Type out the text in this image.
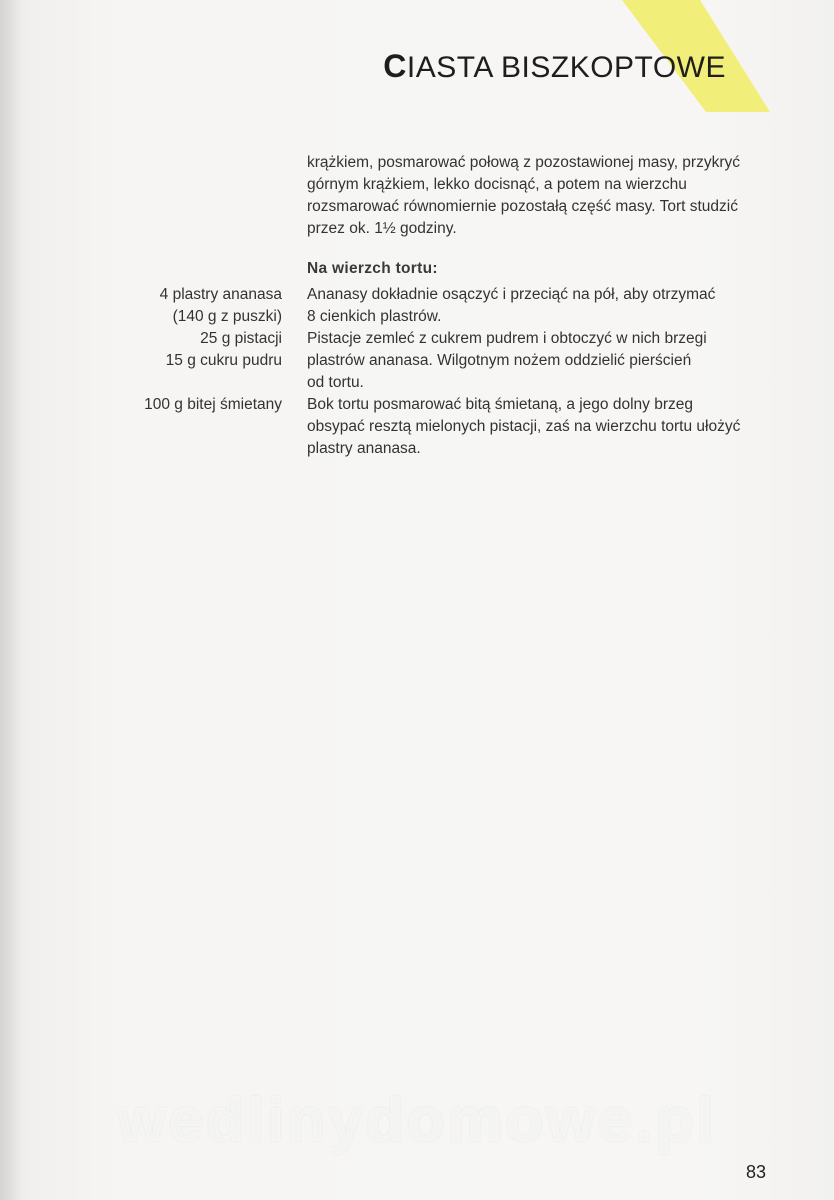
CIASTA BISZKOPTOWE
krążkiem, posmarować połową z pozostawionej masy, przykryć
górnym krążkiem, lekko docisnąć, a potem na wierzchu
rozsmarować równomiernie pozostałą część masy. Tort studzić
przez ok. 1½ godziny.
Na wierzch tortu:
4 plastry ananasa
(140 g z puszki)
25 g pistacji
15 g cukru pudru
Ananasy dokładnie osączyć i przeciąć na pół, aby otrzymać
8 cienkich plastrów.
Pistacje zemleć z cukrem pudrem i obtoczyć w nich brzegi
plastrów ananasa. Wilgotnym nożem oddzielić pierścień
od tortu.
100 g bitej śmietany Bok tortu posmarować bitą śmietaną, a jego dolny brzeg
obsypać resztą mielonych pistacji, zaś na wierzchu tortu ułożyć
plastry ananasa.
wedlinydomowe.pl
83
